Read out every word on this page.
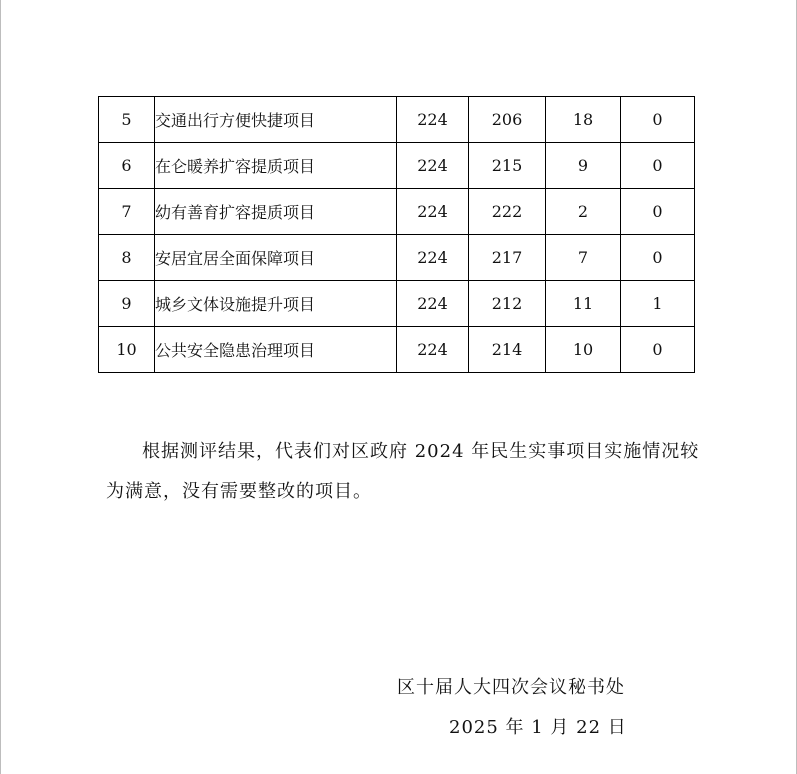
5	交通出行方便快捷项目	224	206	18	0
6	在仑暖养扩容提质项目	224	215	9	0
7	幼有善育扩容提质项目	224	222	2	0
8	安居宜居全面保障项目	224	217	7	0
9	城乡文体设施提升项目	224	212	11	1
10	公共安全隐患治理项目	224	214	10	0

根据测评结果，代表们对区政府 2024 年民生实事项目实施情况较为满意，没有需要整改的项目。

区十届人大四次会议秘书处
2025 年 1 月 22 日
